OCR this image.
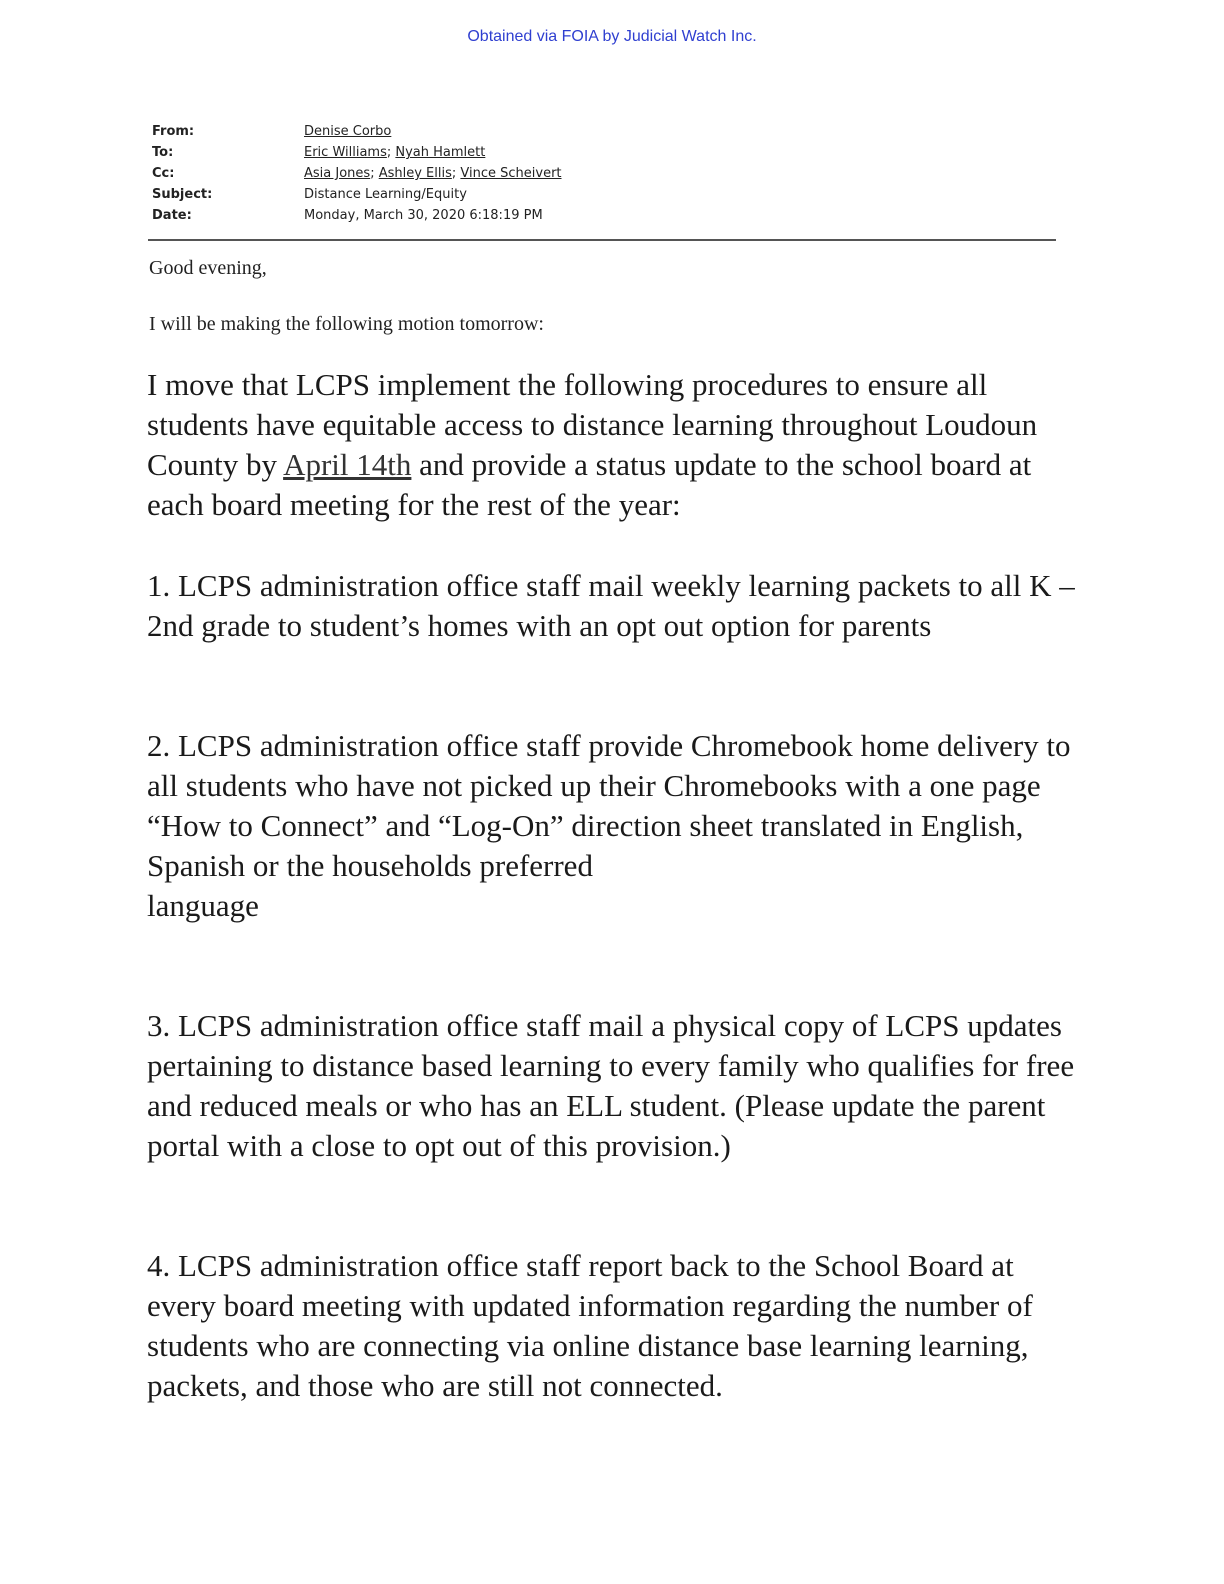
Obtained via FOIA by Judicial Watch Inc.
From:	Denise Corbo
To:	Eric Williams; Nyah Hamlett
Cc:	Asia Jones; Ashley Ellis; Vince Scheivert
Subject:	Distance Learning/Equity
Date:	Monday, March 30, 2020 6:18:19 PM
Good evening,
I will be making the following motion tomorrow:

I move that LCPS implement the following procedures to ensure all students have equitable access to distance learning throughout Loudoun County by April 14th and provide a status update to the school board at each board meeting for the rest of the year:

1. LCPS administration office staff mail weekly learning packets to all K – 2nd grade to student’s homes with an opt out option for parents

2. LCPS administration office staff provide Chromebook home delivery to all students who have not picked up their Chromebooks with a one page “How to Connect” and “Log-On” direction sheet translated in English, Spanish or the households preferred

language

3. LCPS administration office staff mail a physical copy of LCPS updates pertaining to distance based learning to every family who qualifies for free and reduced meals or who has an ELL student. (Please update the parent portal with a close to opt out of this provision.)

4. LCPS administration office staff report back to the School Board at every board meeting with updated information regarding the number of students who are connecting via online distance base learning learning, packets, and those who are still not connected.
